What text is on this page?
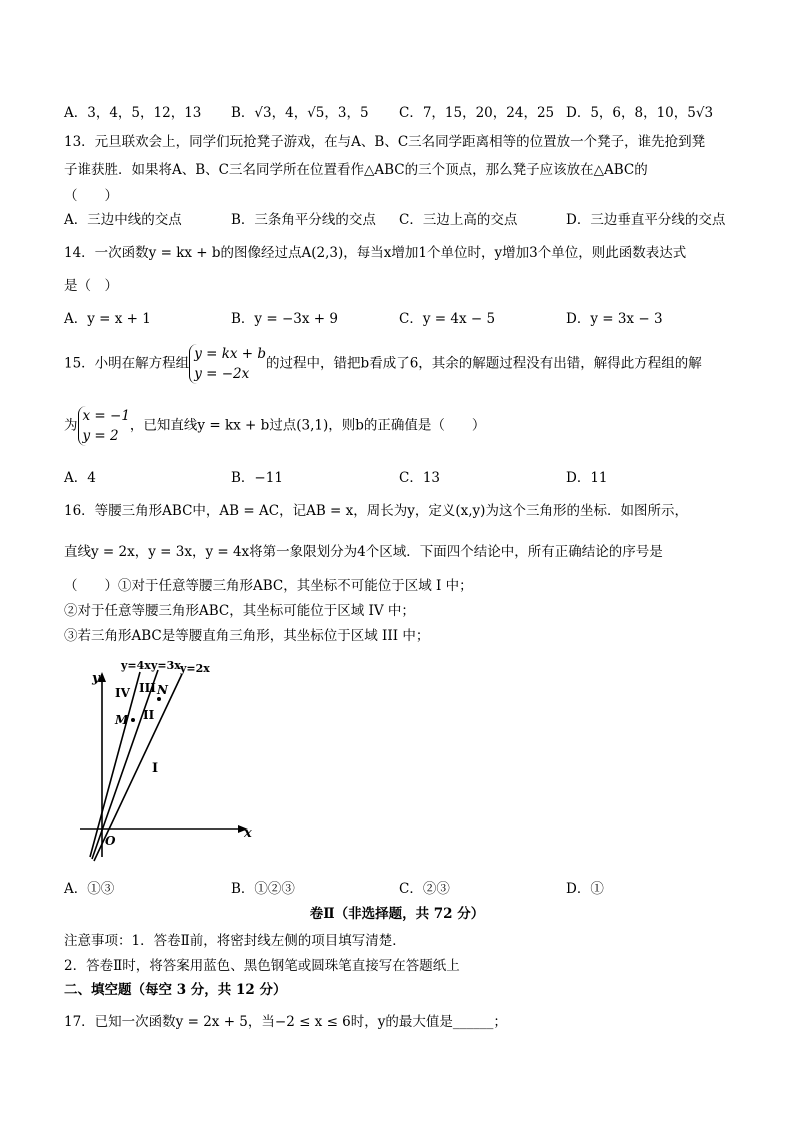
A．3，4，5，12，13 B．√3，4，√5，3，5 C．7，15，20，24，25 D．5，6，8，10，5√3
13．元旦联欢会上，同学们玩抢凳子游戏，在与A、B、C三名同学距离相等的位置放一个凳子，谁先抢到凳
子谁获胜．如果将A、B、C三名同学所在位置看作△ABC的三个顶点，那么凳子应该放在△ABC的
（　　）
A．三边中线的交点	B．三条角平分线的交点 C．三边上高的交点	D．三边垂直平分线的交点
14．一次函数y = kx + b的图像经过点A(2,3)，每当x增加1个单位时，y增加3个单位，则此函数表达式
是（　）
A．y = x + 1	B．y = −3x + 9	C．y = 4x − 5	D．y = 3x − 3
15．小明在解方程组y = kx + b
y = −2x的过程中，错把b看成了6，其余的解题过程没有出错，解得此方程组的解
为x = −1
y = 2，已知直线y = kx + b过点(3,1)，则b的正确值是（　　）
A．4	B．−11	C．13	D．11
16．等腰三角形ABC中，AB = AC，记AB = x，周长为y，定义(x,y)为这个三角形的坐标．如图所示，
直线y = 2x，y = 3x，y = 4x将第一象限划分为4个区域．下面四个结论中，所有正确结论的序号是
（　　）①对于任意等腰三角形ABC，其坐标不可能位于区域 I 中；
②对于任意等腰三角形ABC，其坐标可能位于区域 IV 中；
③若三角形ABC是等腰直角三角形，其坐标位于区域 III 中；
y
x
O
y=4x y=3x y=2x
IV III
II
I
M
N
A．①③	B．①②③	C．②③	D．①
卷Ⅱ（非选择题，共 72 分）
注意事项：1．答卷Ⅱ前，将密封线左侧的项目填写清楚．
2．答卷Ⅱ时，将答案用蓝色、黑色钢笔或圆珠笔直接写在答题纸上
二、填空题（每空 3 分，共 12 分）
17．已知一次函数y = 2x + 5，当−2 ≤ x ≤ 6时，y的最大值是______；
